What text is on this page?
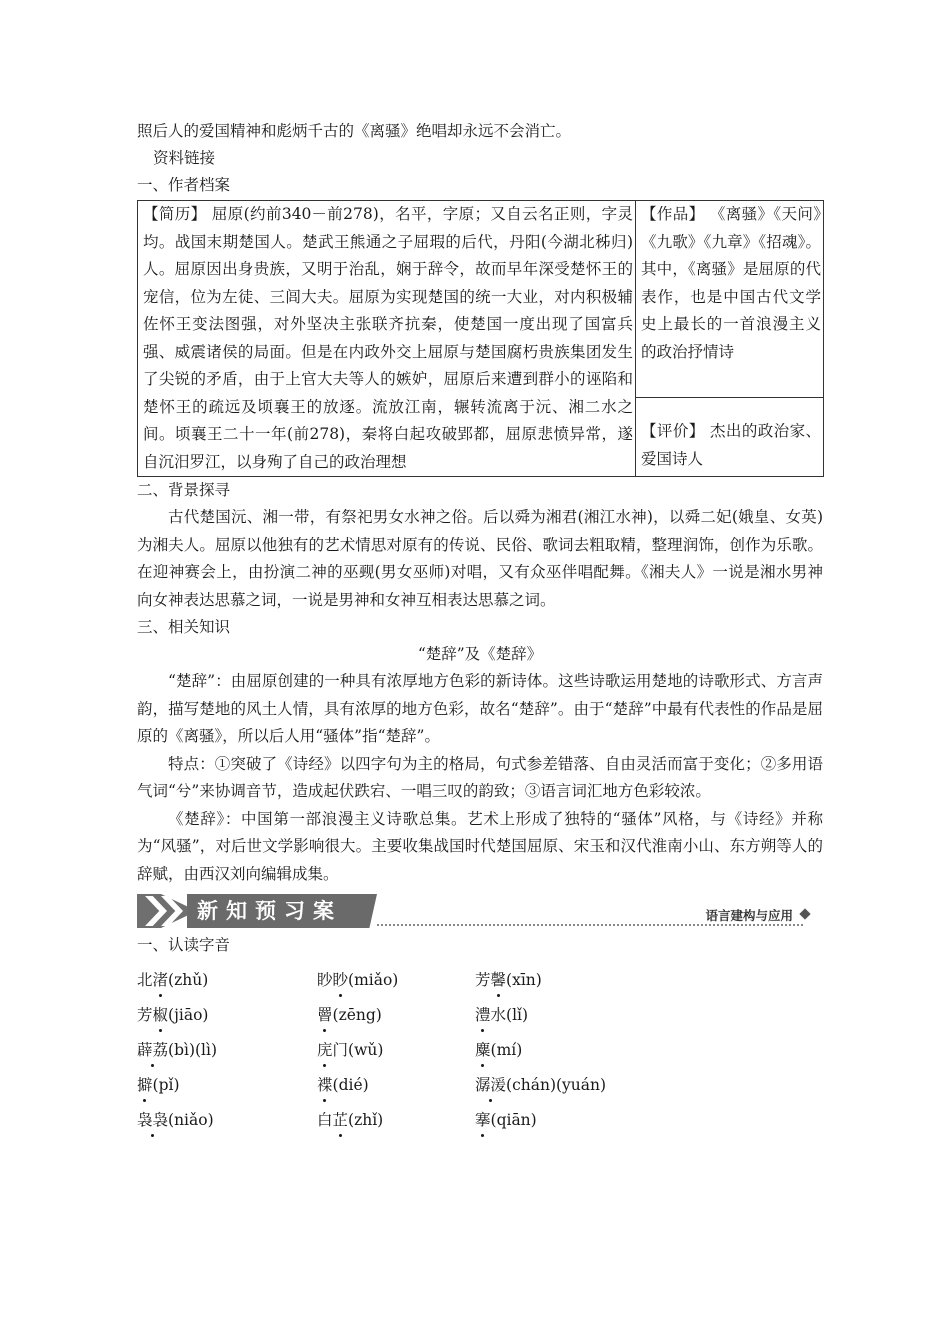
照后人的爱国精神和彪炳千古的《离骚》绝唱却永远不会消亡。
资料链接
一、作者档案
【简历】 屈原(约前340－前278)，名平，字原；又自云名正则，字灵均。战国末期楚国人。楚武王熊通之子屈瑕的后代，丹阳(今湖北秭归)人。屈原因出身贵族，又明于治乱，娴于辞令，故而早年深受楚怀王的宠信，位为左徒、三闾大夫。屈原为实现楚国的统一大业，对内积极辅佐怀王变法图强，对外坚决主张联齐抗秦，使楚国一度出现了国富兵强、威震诸侯的局面。但是在内政外交上屈原与楚国腐朽贵族集团发生了尖锐的矛盾，由于上官大夫等人的嫉妒，屈原后来遭到群小的诬陷和楚怀王的疏远及顷襄王的放逐。流放江南，辗转流离于沅、湘二水之间。顷襄王二十一年(前278)，秦将白起攻破郢都，屈原悲愤异常，遂自沉汨罗江，以身殉了自己的政治理想	【作品】 《离骚》《天问》《九歌》《九章》《招魂》。其中，《离骚》是屈原的代表作，也是中国古代文学史上最长的一首浪漫主义的政治抒情诗
【评价】 杰出的政治家、爱国诗人
二、背景探寻
古代楚国沅、湘一带，有祭祀男女水神之俗。后以舜为湘君(湘江水神)，以舜二妃(娥皇、女英)为湘夫人。屈原以他独有的艺术情思对原有的传说、民俗、歌词去粗取精，整理润饰，创作为乐歌。在迎神赛会上，由扮演二神的巫觋(男女巫师)对唱，又有众巫伴唱配舞。《湘夫人》一说是湘水男神向女神表达思慕之词，一说是男神和女神互相表达思慕之词。
三、相关知识
“楚辞”及《楚辞》
“楚辞”：由屈原创建的一种具有浓厚地方色彩的新诗体。这些诗歌运用楚地的诗歌形式、方言声韵，描写楚地的风土人情，具有浓厚的地方色彩，故名“楚辞”。由于“楚辞”中最有代表性的作品是屈原的《离骚》，所以后人用“骚体”指“楚辞”。
特点：①突破了《诗经》以四字句为主的格局，句式参差错落、自由灵活而富于变化；②多用语气词“兮”来协调音节，造成起伏跌宕、一唱三叹的韵致；③语言词汇地方色彩较浓。
《楚辞》：中国第一部浪漫主义诗歌总集。艺术上形成了独特的“骚体”风格，与《诗经》并称为“风骚”，对后世文学影响很大。主要收集战国时代楚国屈原、宋玉和汉代淮南小山、东方朔等人的辞赋，由西汉刘向编辑成集。
新知预习案	语言建构与应用
一、认读字音
北渚(zhǔ)	眇眇(miǎo)	芳馨(xīn)
芳椒(jiāo)	罾(zēng)	澧水(lǐ)
薜荔(bì)(lì)	庑门(wǔ)	麋(mí)
擗(pǐ)	褋(dié)	潺湲(chán)(yuán)
袅袅(niǎo)	白芷(zhǐ)	搴(qiān)
